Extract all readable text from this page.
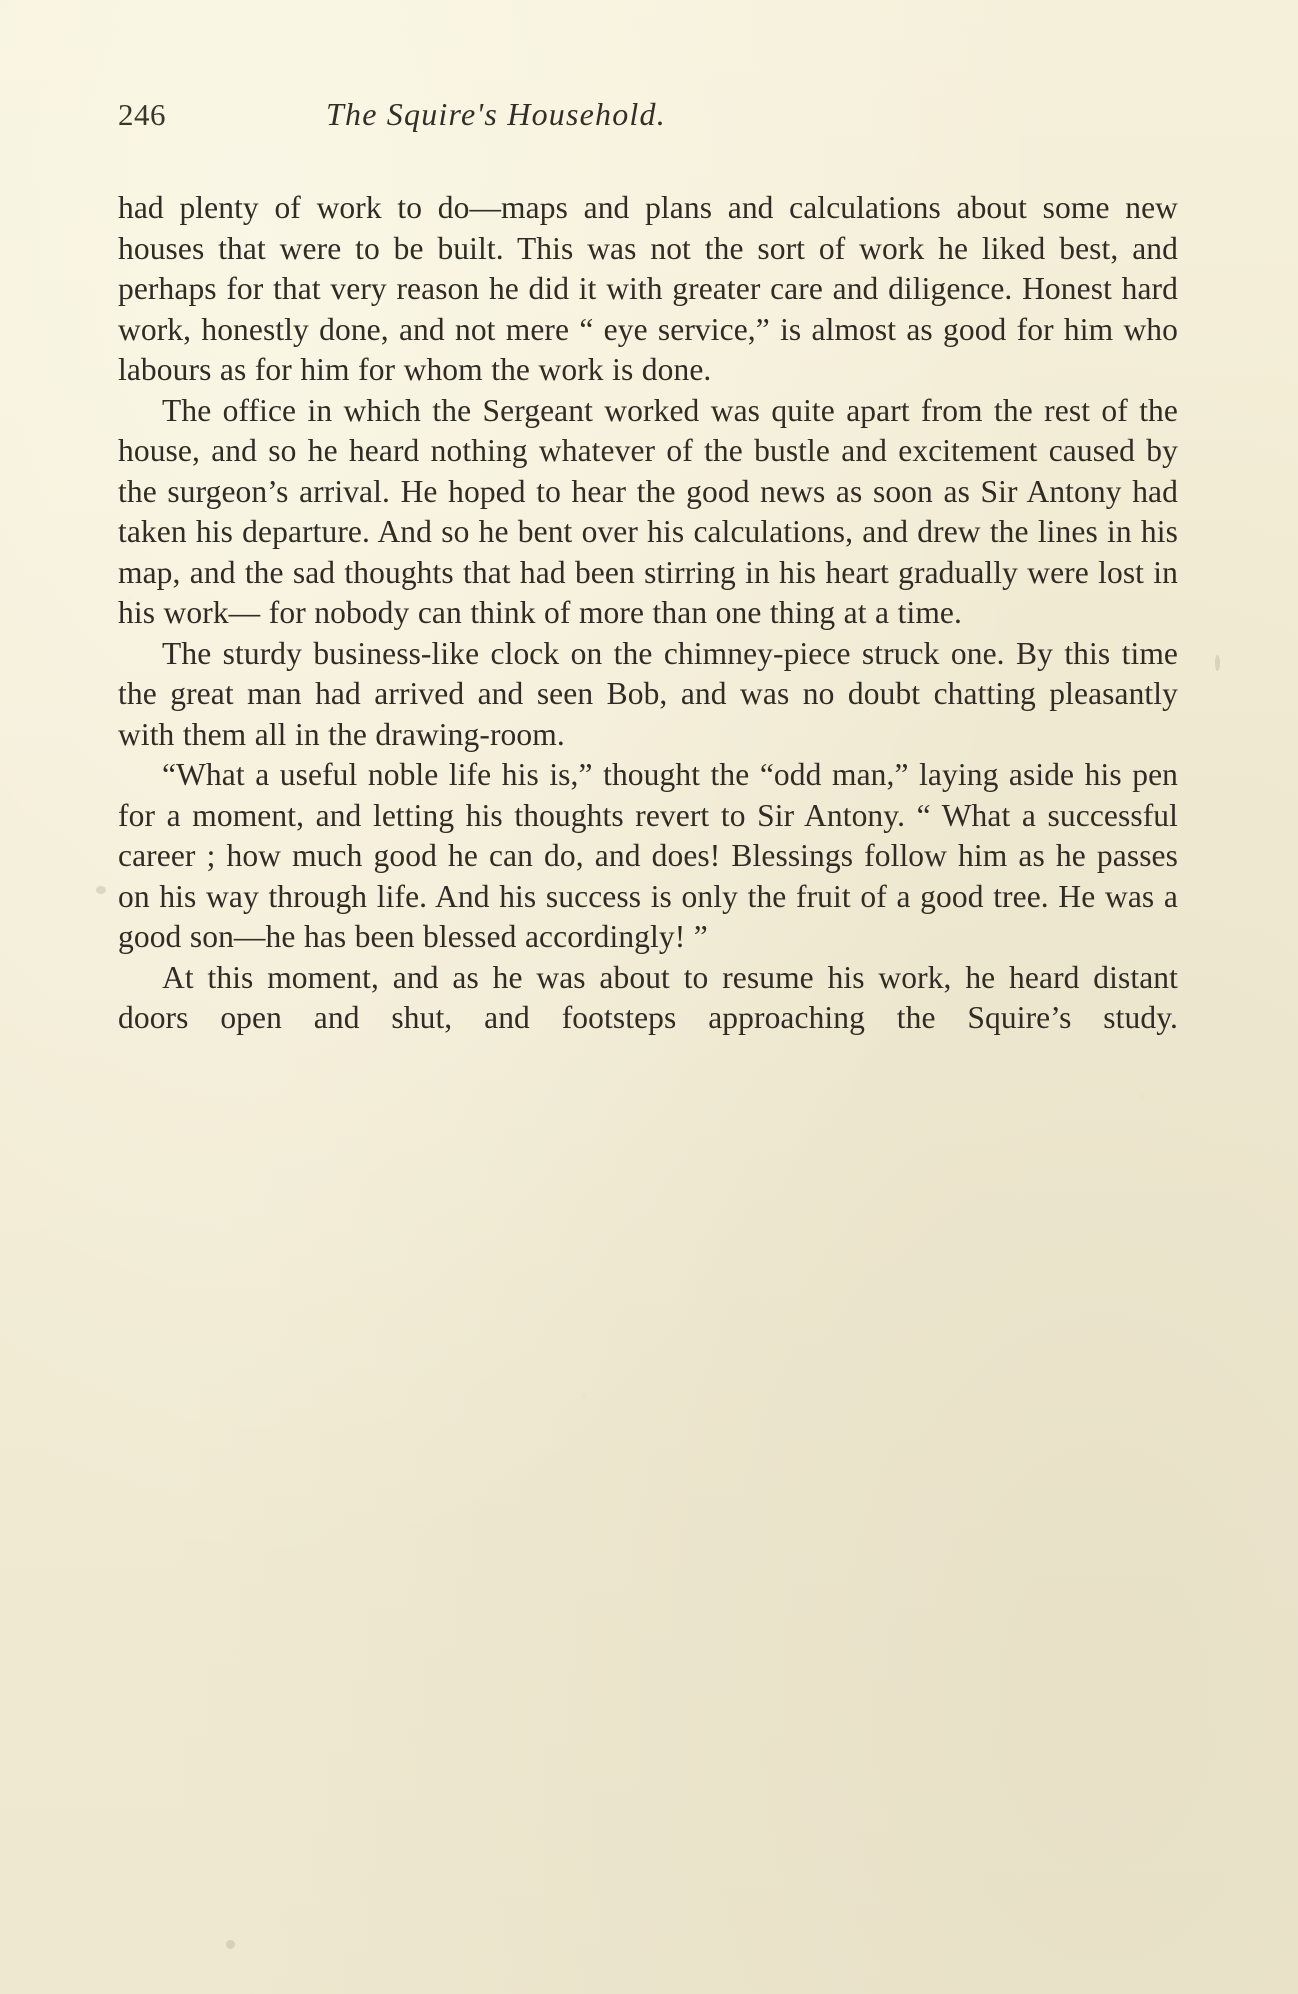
246	The Squire's Household.

had plenty of work to do—maps and plans and calculations about some new houses that were to be built. This was not the sort of work he liked best, and perhaps for that very reason he did it with greater care and diligence. Honest hard work, honestly done, and not mere “ eye service,” is almost as good for him who labours as for him for whom the work is done.

The office in which the Sergeant worked was quite apart from the rest of the house, and so he heard nothing whatever of the bustle and excitement caused by the surgeon’s arrival. He hoped to hear the good news as soon as Sir Antony had taken his departure. And so he bent over his calculations, and drew the lines in his map, and the sad thoughts that had been stirring in his heart gradually were lost in his work— for nobody can think of more than one thing at a time.

The sturdy business-like clock on the chimney-piece struck one. By this time the great man had arrived and seen Bob, and was no doubt chatting pleasantly with them all in the drawing-room.

“What a useful noble life his is,” thought the “odd man,” laying aside his pen for a moment, and letting his thoughts revert to Sir Antony. “ What a successful career ; how much good he can do, and does! Blessings follow him as he passes on his way through life. And his success is only the fruit of a good tree. He was a good son—he has been blessed accordingly! ”

At this moment, and as he was about to resume his work, he heard distant doors open and shut, and footsteps approaching the Squire’s study.
